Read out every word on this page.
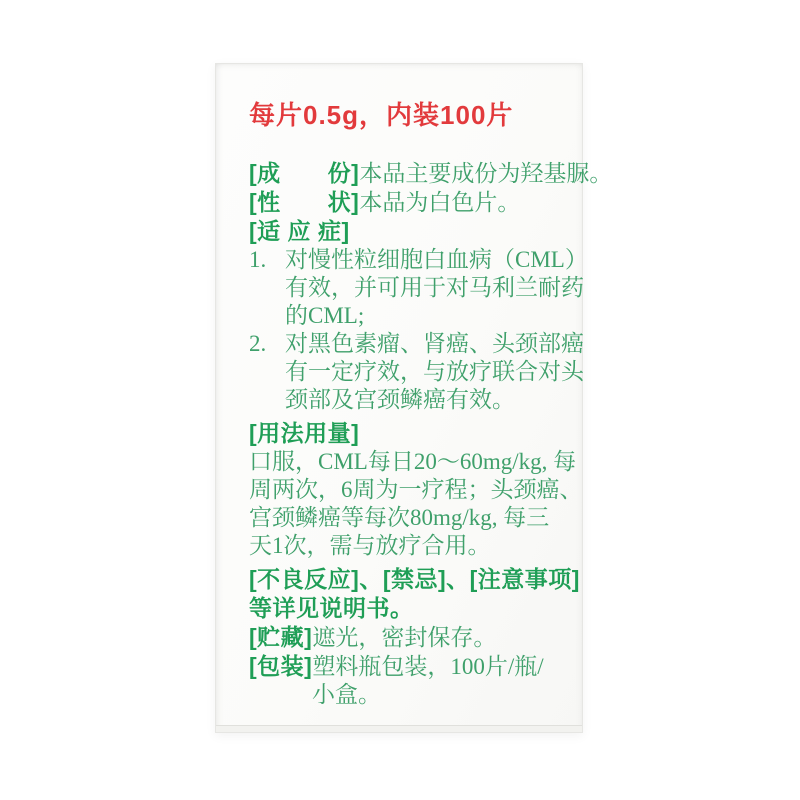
每片0.5g，内装100片
[成　　份]本品主要成份为羟基脲。
[性　　状]本品为白色片。
[适 应 症]
1. 对慢性粒细胞白血病（CML）
有效，并可用于对马利兰耐药
的CML;
2. 对黑色素瘤、肾癌、头颈部癌
有一定疗效，与放疗联合对头
颈部及宫颈鳞癌有效。
[用法用量]
口服，CML每日20～60mg/kg, 每
周两次，6周为一疗程；头颈癌、
宫颈鳞癌等每次80mg/kg, 每三
天1次，需与放疗合用。
[不良反应]、[禁忌]、[注意事项]
等详见说明书。
[贮藏]遮光，密封保存。
[包装]塑料瓶包装，100片/瓶/
小盒。
